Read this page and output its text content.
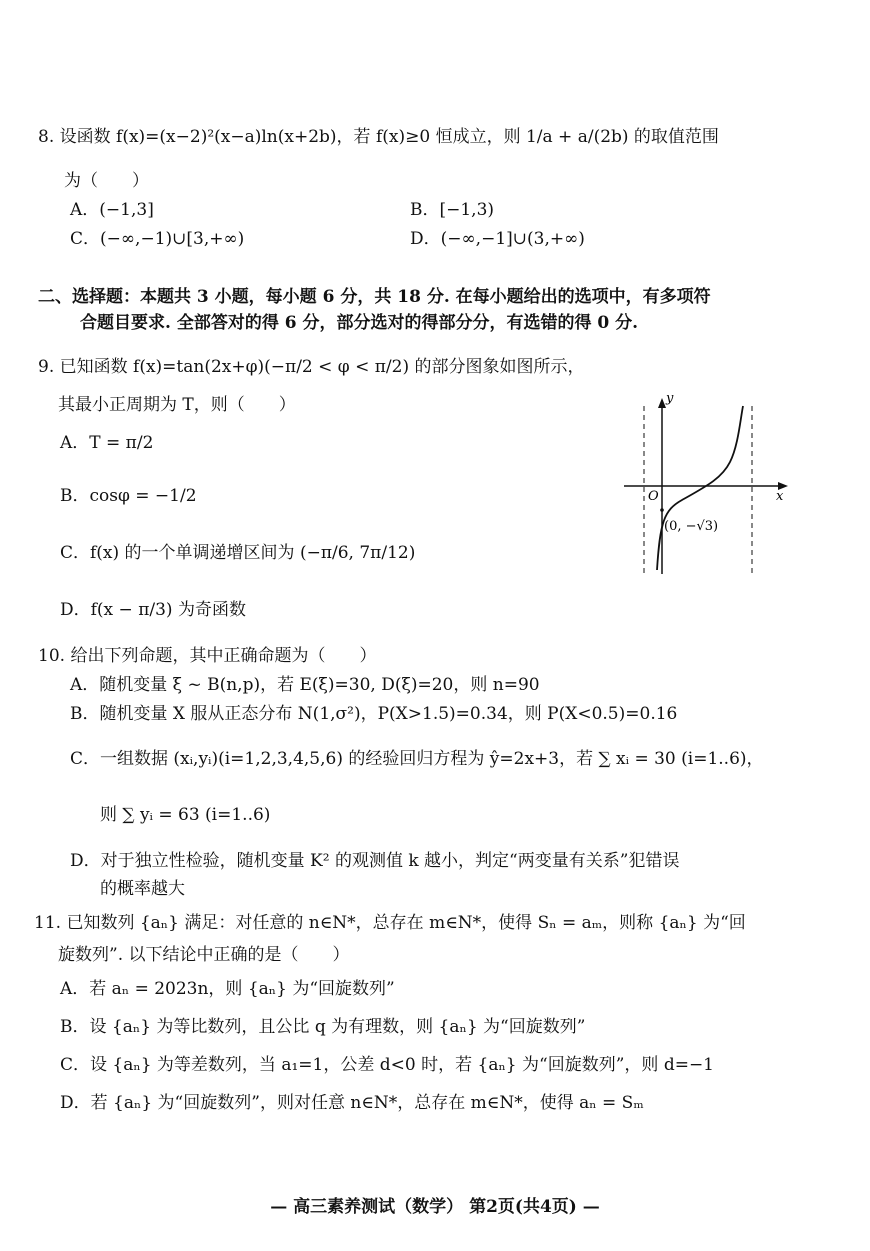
8. 设函数 f(x)=(x−2)²(x−a)ln(x+2b)，若 f(x)≥0 恒成立，则 1/a + a/(2b) 的取值范围
为（　　）
A．(−1,3]	B．[−1,3)
C．(−∞,−1)∪[3,+∞)	D．(−∞,−1]∪(3,+∞)
二、选择题：本题共 3 小题，每小题 6 分，共 18 分. 在每小题给出的选项中，有多项符
合题目要求. 全部答对的得 6 分，部分选对的得部分分，有选错的得 0 分.
9. 已知函数 f(x)=tan(2x+φ)(−π/2 < φ < π/2) 的部分图象如图所示，
其最小正周期为 T，则（　　）
A．T = π/2
B．cosφ = −1/2
C．f(x) 的一个单调递增区间为 (−π/6, 7π/12)
D．f(x − π/3) 为奇函数
y
x
O
(0, −√3)
10. 给出下列命题，其中正确命题为（　　）
A．随机变量 ξ ~ B(n,p)，若 E(ξ)=30, D(ξ)=20，则 n=90
B．随机变量 X 服从正态分布 N(1,σ²)，P(X>1.5)=0.34，则 P(X<0.5)=0.16
C．一组数据 (xᵢ,yᵢ)(i=1,2,3,4,5,6) 的经验回归方程为 ŷ=2x+3，若 ∑ xᵢ = 30 (i=1..6)，
则 ∑ yᵢ = 63 (i=1..6)
D．对于独立性检验，随机变量 K² 的观测值 k 越小，判定“两变量有关系”犯错误
的概率越大
11. 已知数列 {aₙ} 满足：对任意的 n∈N*，总存在 m∈N*，使得 Sₙ = aₘ，则称 {aₙ} 为“回
旋数列”. 以下结论中正确的是（　　）
A．若 aₙ = 2023n，则 {aₙ} 为“回旋数列”
B．设 {aₙ} 为等比数列，且公比 q 为有理数，则 {aₙ} 为“回旋数列”
C．设 {aₙ} 为等差数列，当 a₁=1，公差 d<0 时，若 {aₙ} 为“回旋数列”，则 d=−1
D．若 {aₙ} 为“回旋数列”，则对任意 n∈N*，总存在 m∈N*，使得 aₙ = Sₘ
— 高三素养测试（数学） 第2页(共4页) —
